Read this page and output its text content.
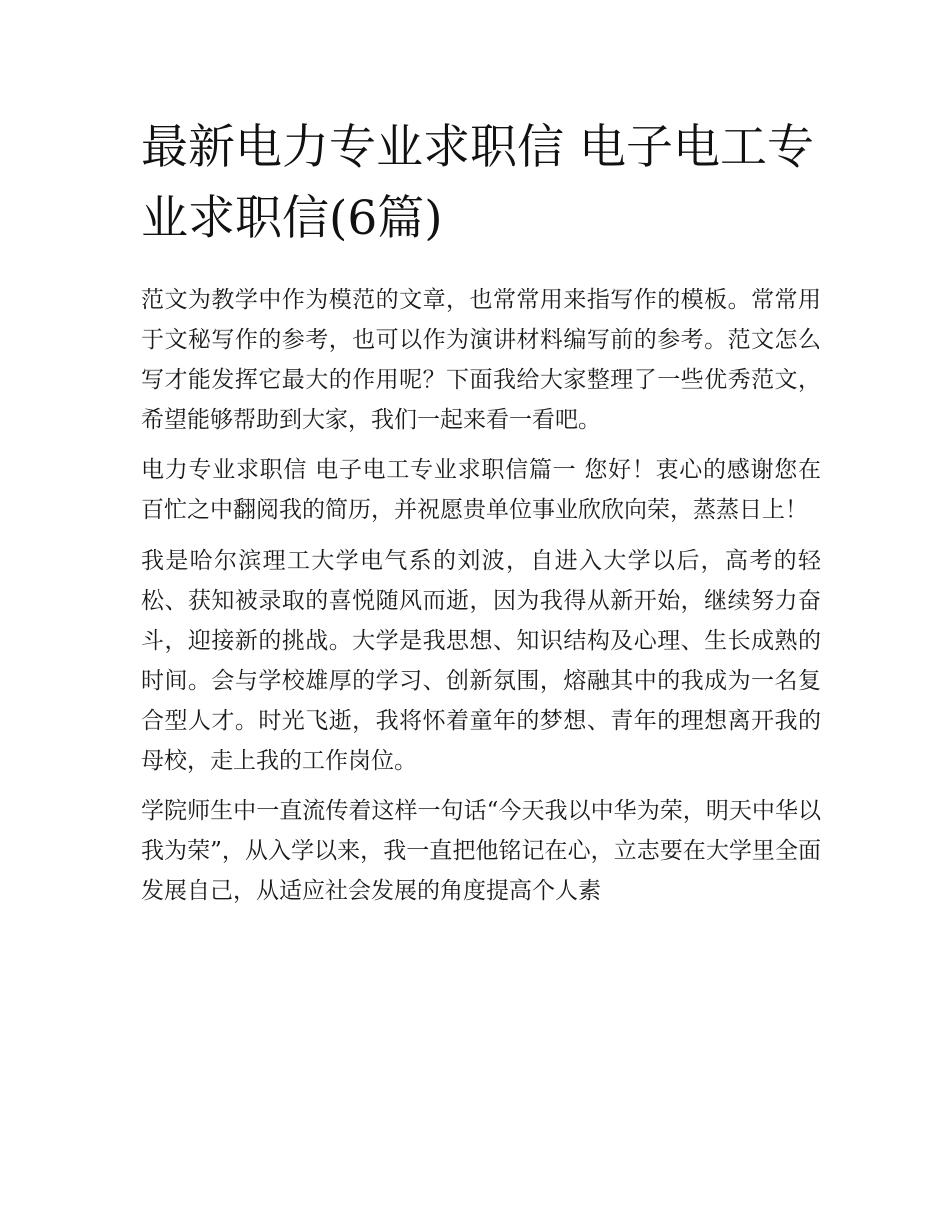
最新电力专业求职信 电子电工专业求职信(6篇)

范文为教学中作为模范的文章，也常常用来指写作的模板。常常用于文秘写作的参考，也可以作为演讲材料编写前的参考。范文怎么写才能发挥它最大的作用呢？下面我给大家整理了一些优秀范文，希望能够帮助到大家，我们一起来看一看吧。

电力专业求职信 电子电工专业求职信篇一 您好！衷心的感谢您在百忙之中翻阅我的简历，并祝愿贵单位事业欣欣向荣，蒸蒸日上！

我是哈尔滨理工大学电气系的刘波，自进入大学以后，高考的轻松、获知被录取的喜悦随风而逝，因为我得从新开始，继续努力奋斗，迎接新的挑战。大学是我思想、知识结构及心理、生长成熟的时间。会与学校雄厚的学习、创新氛围，熔融其中的我成为一名复合型人才。时光飞逝，我将怀着童年的梦想、青年的理想离开我的母校，走上我的工作岗位。

学院师生中一直流传着这样一句话“今天我以中华为荣，明天中华以我为荣”，从入学以来，我一直把他铭记在心，立志要在大学里全面发展自己，从适应社会发展的角度提高个人素
